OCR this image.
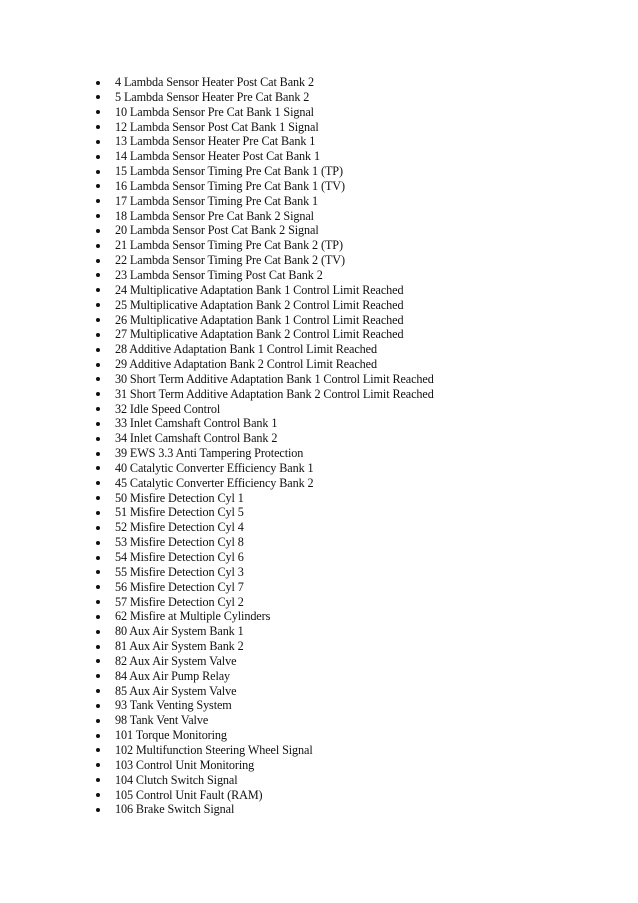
4 Lambda Sensor Heater Post Cat Bank 2
5 Lambda Sensor Heater Pre Cat Bank 2
10 Lambda Sensor Pre Cat Bank 1 Signal
12 Lambda Sensor Post Cat Bank 1 Signal
13 Lambda Sensor Heater Pre Cat Bank 1
14 Lambda Sensor Heater Post Cat Bank 1
15 Lambda Sensor Timing Pre Cat Bank 1 (TP)
16 Lambda Sensor Timing Pre Cat Bank 1 (TV)
17 Lambda Sensor Timing Pre Cat Bank 1
18 Lambda Sensor Pre Cat Bank 2 Signal
20 Lambda Sensor Post Cat Bank 2 Signal
21 Lambda Sensor Timing Pre Cat Bank 2 (TP)
22 Lambda Sensor Timing Pre Cat Bank 2 (TV)
23 Lambda Sensor Timing Post Cat Bank 2
24 Multiplicative Adaptation Bank 1 Control Limit Reached
25 Multiplicative Adaptation Bank 2 Control Limit Reached
26 Multiplicative Adaptation Bank 1 Control Limit Reached
27 Multiplicative Adaptation Bank 2 Control Limit Reached
28 Additive Adaptation Bank 1 Control Limit Reached
29 Additive Adaptation Bank 2 Control Limit Reached
30 Short Term Additive Adaptation Bank 1 Control Limit Reached
31 Short Term Additive Adaptation Bank 2 Control Limit Reached
32 Idle Speed Control
33 Inlet Camshaft Control Bank 1
34 Inlet Camshaft Control Bank 2
39 EWS 3.3 Anti Tampering Protection
40 Catalytic Converter Efficiency Bank 1
45 Catalytic Converter Efficiency Bank 2
50 Misfire Detection Cyl 1
51 Misfire Detection Cyl 5
52 Misfire Detection Cyl 4
53 Misfire Detection Cyl 8
54 Misfire Detection Cyl 6
55 Misfire Detection Cyl 3
56 Misfire Detection Cyl 7
57 Misfire Detection Cyl 2
62 Misfire at Multiple Cylinders
80 Aux Air System Bank 1
81 Aux Air System Bank 2
82 Aux Air System Valve
84 Aux Air Pump Relay
85 Aux Air System Valve
93 Tank Venting System
98 Tank Vent Valve
101 Torque Monitoring
102 Multifunction Steering Wheel Signal
103 Control Unit Monitoring
104 Clutch Switch Signal
105 Control Unit Fault (RAM)
106 Brake Switch Signal
